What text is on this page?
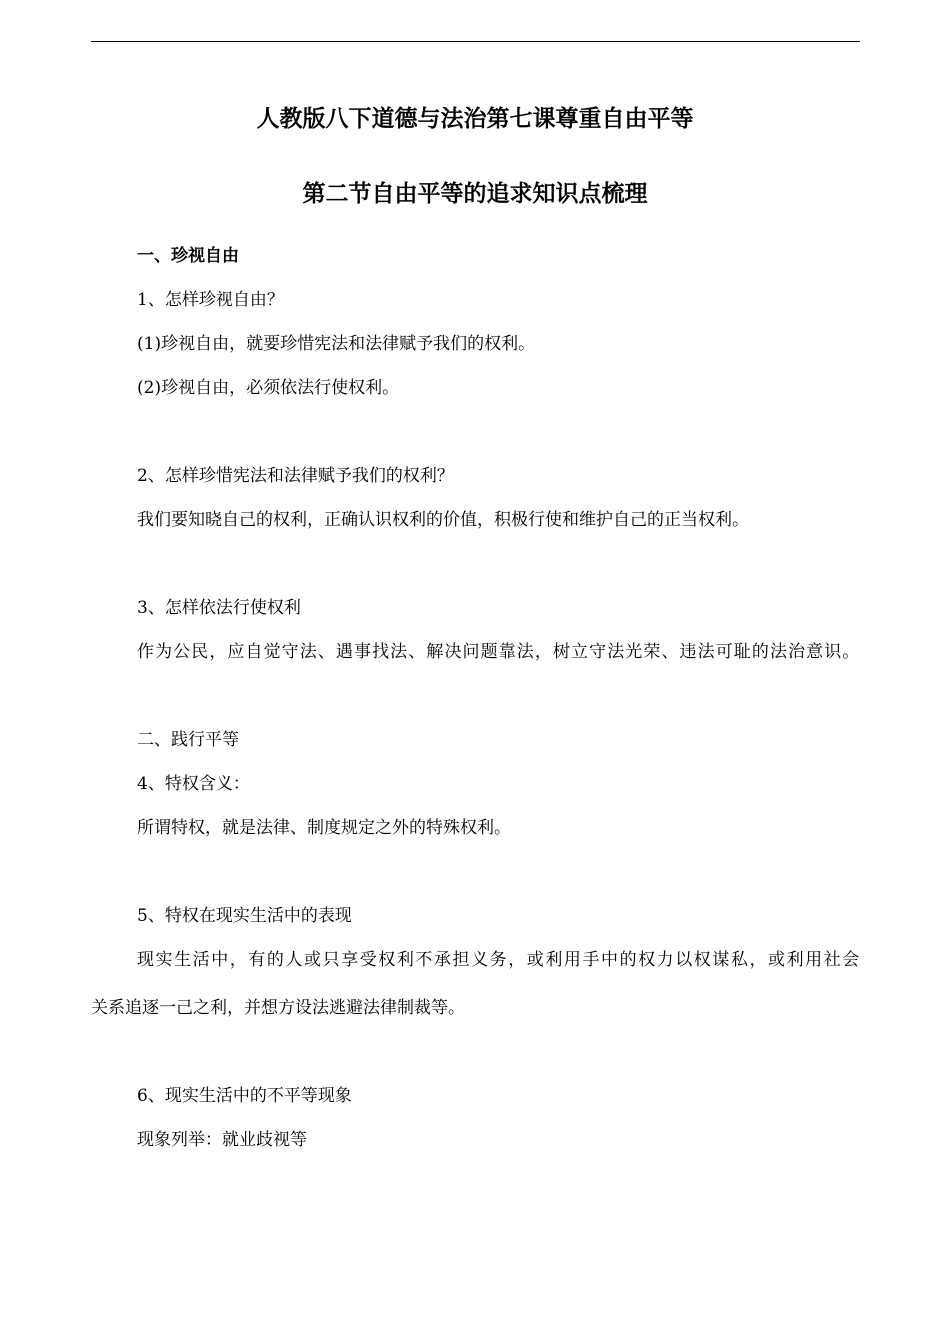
人教版八下道德与法治第七课尊重自由平等
第二节自由平等的追求知识点梳理
一、珍视自由
1、怎样珍视自由？
(1)珍视自由，就要珍惜宪法和法律赋予我们的权利。
(2)珍视自由，必须依法行使权利。
2、怎样珍惜宪法和法律赋予我们的权利？
我们要知晓自己的权利，正确认识权利的价值，积极行使和维护自己的正当权利。
3、怎样依法行使权利
作为公民，应自觉守法、遇事找法、解决问题靠法，树立守法光荣、违法可耻的法治意识。
二、践行平等
4、特权含义：
所谓特权，就是法律、制度规定之外的特殊权利。
5、特权在现实生活中的表现
现实生活中，有的人或只享受权利不承担义务，或利用手中的权力以权谋私，或利用社会
关系追逐一己之利，并想方设法逃避法律制裁等。
6、现实生活中的不平等现象
现象列举：就业歧视等
